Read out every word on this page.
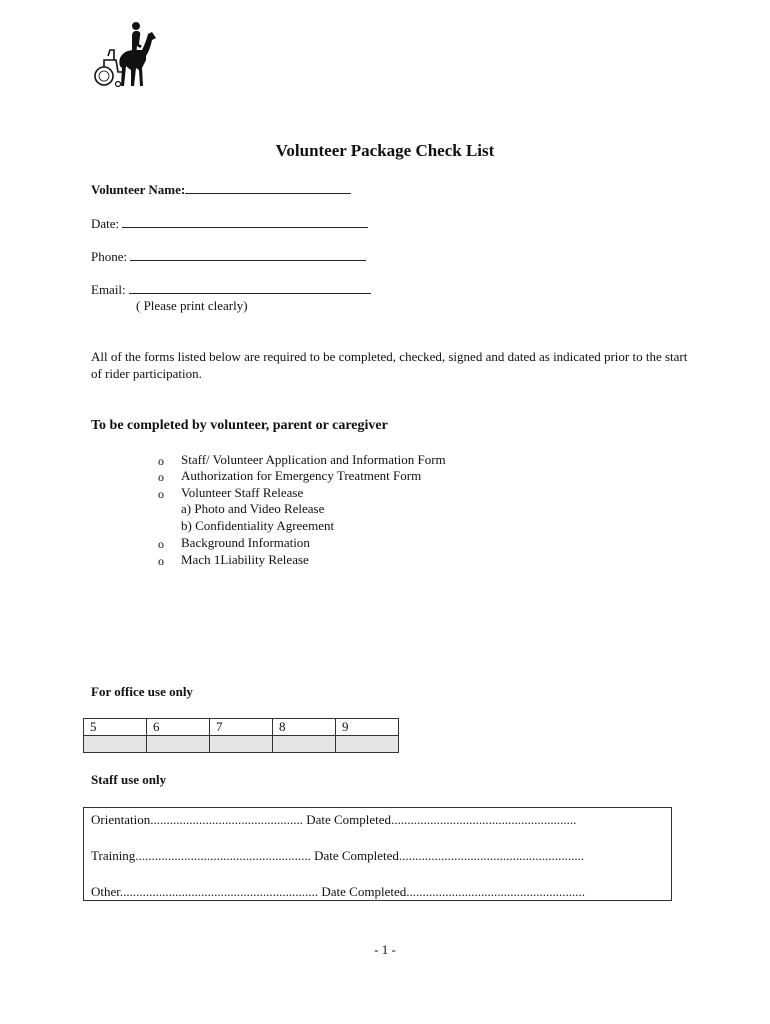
Volunteer Package Check List
Volunteer Name:
Date:
Phone:
Email:
( Please print clearly)
All of the forms listed below are required to be completed, checked, signed and dated as indicated prior to the start of rider participation.
To be completed by volunteer, parent or caregiver
o Staff/ Volunteer Application and Information Form
o Authorization for Emergency Treatment Form
o Volunteer Staff Release
a) Photo and Video Release
b) Confidentiality Agreement
o Background Information
o Mach 1Liability Release
For office use only
5	6	7	8	9

Staff use only
Orientation............................................... Date Completed.........................................................
Training...................................................... Date Completed.........................................................
Other............................................................. Date Completed.......................................................
- 1 -
